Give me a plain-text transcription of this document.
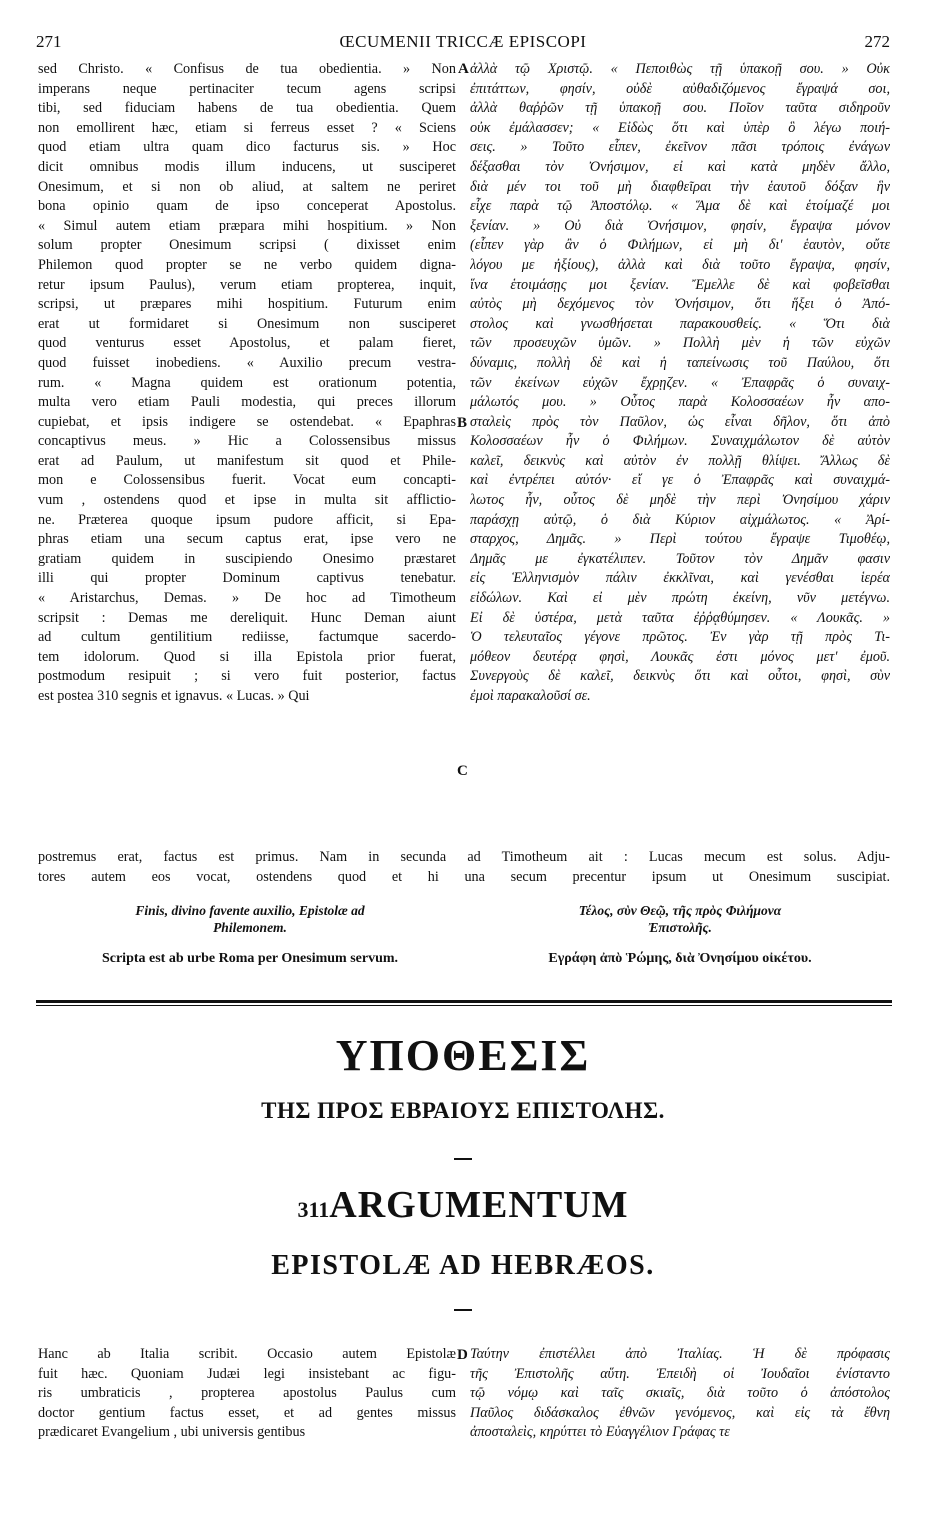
271	ŒCUMENII TRICCÆ EPISCOPI	272
sed Christo. « Confisus de tua obedientia. » Non
imperans neque pertinaciter tecum agens scripsi
tibi, sed fiduciam habens de tua obedientia. Quem
non emollirent hæc, etiam si ferreus esset ? « Sciens
quod etiam ultra quam dico facturus sis. » Hoc
dicit omnibus modis illum inducens, ut susciperet
Onesimum, et si non ob aliud, at saltem ne periret
bona opinio quam de ipso conceperat Apostolus.
« Simul autem etiam præpara mihi hospitium. » Non
solum propter Onesimum scripsi ( dixisset enim
Philemon quod propter se ne verbo quidem digna-
retur ipsum Paulus), verum etiam propterea, inquit,
scripsi, ut præpares mihi hospitium. Futurum enim
erat ut formidaret si Onesimum non susciperet
quod venturus esset Apostolus, et palam fieret,
quod fuisset inobediens. « Auxilio precum vestra-
rum. « Magna quidem est orationum potentia,
multa vero etiam Pauli modestia, qui preces illorum
cupiebat, et ipsis indigere se ostendebat. « Epaphras
concaptivus meus. » Hic a Colossensibus missus
erat ad Paulum, ut manifestum sit quod et Phile-
mon e Colossensibus fuerit. Vocat eum concapti-
vum , ostendens quod et ipse in multa sit afflictio-
ne. Præterea quoque ipsum pudore afficit, si Epa-
phras etiam una secum captus erat, ipse vero ne
gratiam quidem in suscipiendo Onesimo præstaret
illi qui propter Dominum captivus tenebatur.
« Aristarchus, Demas. » De hoc ad Timotheum
scripsit : Demas me dereliquit. Hunc Deman aiunt
ad cultum gentilitium rediisse, factumque sacerdo-
tem idolorum. Quod si illa Epistola prior fuerat,
postmodum resipuit ; si vero fuit posterior, factus
est postea 310 segnis et ignavus. « Lucas. » Qui
ἀλλὰ τῷ Χριστῷ. « Πεποιθὼς τῇ ὑπακοῇ σου. » Οὐκ
ἐπιτάττων, φησίν, οὐδὲ αὐθαδιζόμενος ἔγραψά σοι,
ἀλλὰ θαῤῥῶν τῇ ὑπακοῇ σου. Ποῖον ταῦτα σιδηροῦν
οὐκ ἐμάλασσεν; « Εἰδὼς ὅτι καὶ ὑπὲρ ὃ λέγω ποιή-
σεις. » Τοῦτο εἶπεν, ἐκεῖνον πᾶσι τρόποις ἐνάγων
δέξασθαι τὸν Ὀνήσιμον, εἰ καὶ κατὰ μηδὲν ἄλλο,
διὰ μέν τοι τοῦ μὴ διαφθεῖραι τὴν ἑαυτοῦ δόξαν ἣν
εἶχε παρὰ τῷ Ἀποστόλῳ. « Ἅμα δὲ καὶ ἑτοίμαζέ μοι
ξενίαν. » Οὐ διὰ Ὀνήσιμον, φησίν, ἔγραψα μόνον
(εἶπεν γὰρ ἂν ὁ Φιλήμων, εἰ μὴ δι' ἑαυτὸν, οὔτε
λόγου με ἠξίους), ἀλλὰ καὶ διὰ τοῦτο ἔγραψα, φησίν,
ἵνα ἑτοιμάσῃς μοι ξενίαν. Ἔμελλε δὲ καὶ φοβεῖσθαι
αὐτὸς μὴ δεχόμενος τὸν Ὀνήσιμον, ὅτι ἥξει ὁ Ἀπό-
στολος καὶ γνωσθήσεται παρακουσθείς. « Ὅτι διὰ
τῶν προσευχῶν ὑμῶν. » Πολλὴ μὲν ἡ τῶν εὐχῶν
δύναμις, πολλὴ δὲ καὶ ἡ ταπείνωσις τοῦ Παύλου, ὅτι
τῶν ἐκείνων εὐχῶν ἔχρῃζεν. « Ἐπαφρᾶς ὁ συναιχ-
μάλωτός μου. » Οὗτος παρὰ Κολοσσαέων ἦν απο-
σταλεὶς πρὸς τὸν Παῦλον, ὡς εἶναι δῆλον, ὅτι ἀπὸ
Κολοσσαέων ἦν ὁ Φιλήμων. Συναιχμάλωτον δὲ αὐτὸν
καλεῖ, δεικνὺς καὶ αὐτὸν ἐν πολλῇ θλίψει. Ἄλλως δὲ
καὶ ἐντρέπει αὐτόν· εἴ γε ὁ Ἐπαφρᾶς καὶ συναιχμά-
λωτος ἦν, οὗτος δὲ μηδὲ τὴν περὶ Ὀνησίμου χάριν
παράσχῃ αὐτῷ, ὁ διὰ Κύριον αἰχμάλωτος. « Ἀρί-
σταρχος, Δημᾶς. » Περὶ τούτου ἔγραψε Τιμοθέῳ,
Δημᾶς με ἐγκατέλιπεν. Τοῦτον τὸν Δημᾶν φασιν
εἰς Ἑλληνισμὸν πάλιν ἐκκλῖναι, καὶ γενέσθαι ἱερέα
εἰδώλων. Καὶ εἰ μὲν πρώτη ἐκείνη, νῦν μετέγνω.
Εἰ δὲ ὑστέρα, μετὰ ταῦτα ἐῤῥᾳθύμησεν. « Λουκᾶς. »
Ὁ τελευταῖος γέγονε πρῶτος. Ἐν γὰρ τῇ πρὸς Τι-
μόθεον δευτέρᾳ φησὶ, Λουκᾶς ἐστι μόνος μετ' ἐμοῦ.
Συνεργοὺς δὲ καλεῖ, δεικνὺς ὅτι καὶ οὗτοι, φησὶ, σὺν
ἐμοὶ παρακαλοῦσί σε.
A
B
C
D
postremus erat, factus est primus. Nam in secunda ad Timotheum ait : Lucas mecum est solus. Adju-
tores autem eos vocat, ostendens quod et hi una secum precentur ipsum ut Onesimum suscipiat.
Finis, divino favente auxilio, Epistolæ ad
Philemonem.
Scripta est ab urbe Roma per Onesimum servum.
Τέλος, σὺν Θεῷ, τῆς πρὸς Φιλήμονα
Ἐπιστολῆς.
Εγράφη ἀπὸ Ῥώμης, διὰ Ὀνησίμου οἰκέτου.
ΥΠΟΘΕΣΙΣ
ΤΗΣ ΠΡΟΣ ΕΒΡΑΙΟΥΣ ΕΠΙΣΤΟΛΗΣ.
311ARGUMENTUM
EPISTOLÆ AD HEBRÆOS.
Hanc ab Italia scribit. Occasio autem Epistolæ
fuit hæc. Quoniam Judæi legi insistebant ac figu-
ris umbraticis , propterea apostolus Paulus cum
doctor gentium factus esset, et ad gentes missus
prædicaret Evangelium , ubi universis gentibus
Ταύτην ἐπιστέλλει ἀπὸ Ἰταλίας. Ἡ δὲ πρόφασις
τῆς Ἐπιστολῆς αὕτη. Ἐπειδὴ οἱ Ἰουδαῖοι ἐνίσταντο
τῷ νόμῳ καὶ ταῖς σκιαῖς, διὰ τοῦτο ὁ ἀπόστολος
Παῦλος διδάσκαλος ἐθνῶν γενόμενος, καὶ εἰς τὰ ἔθνη
ἀποσταλεὶς, κηρύττει τὸ Εὐαγγέλιον Γράφας τε
